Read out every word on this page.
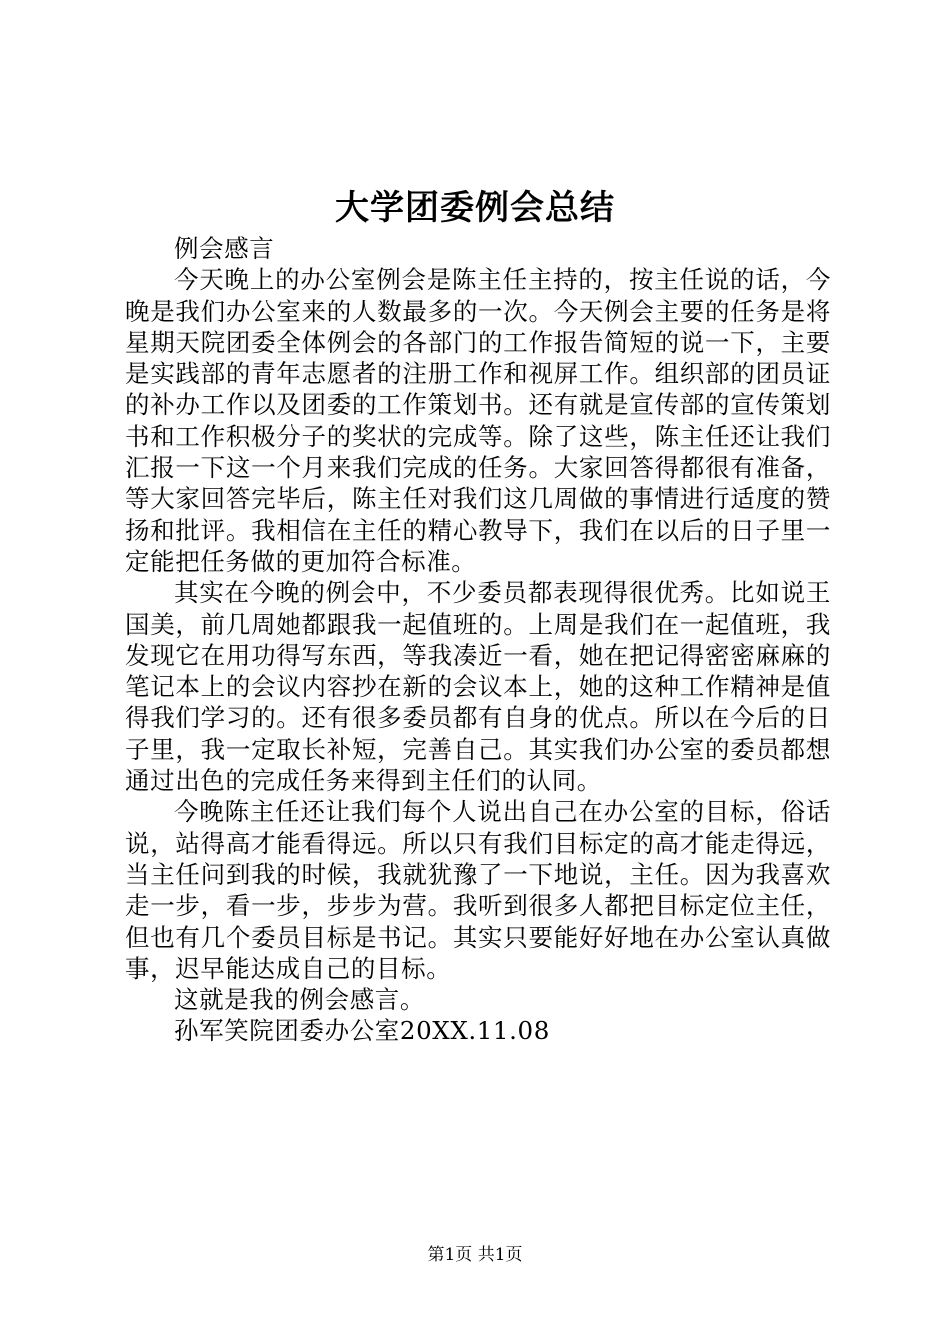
大学团委例会总结

例会感言

今天晚上的办公室例会是陈主任主持的，按主任说的话，今晚是我们办公室来的人数最多的一次。今天例会主要的任务是将星期天院团委全体例会的各部门的工作报告简短的说一下，主要是实践部的青年志愿者的注册工作和视屏工作。组织部的团员证的补办工作以及团委的工作策划书。还有就是宣传部的宣传策划书和工作积极分子的奖状的完成等。除了这些，陈主任还让我们汇报一下这一个月来我们完成的任务。大家回答得都很有准备，等大家回答完毕后，陈主任对我们这几周做的事情进行适度的赞扬和批评。我相信在主任的精心教导下，我们在以后的日子里一定能把任务做的更加符合标准。

其实在今晚的例会中，不少委员都表现得很优秀。比如说王国美，前几周她都跟我一起值班的。上周是我们在一起值班，我发现它在用功得写东西，等我凑近一看，她在把记得密密麻麻的笔记本上的会议内容抄在新的会议本上，她的这种工作精神是值得我们学习的。还有很多委员都有自身的优点。所以在今后的日子里，我一定取长补短，完善自己。其实我们办公室的委员都想通过出色的完成任务来得到主任们的认同。

今晚陈主任还让我们每个人说出自己在办公室的目标，俗话说，站得高才能看得远。所以只有我们目标定的高才能走得远，当主任问到我的时候，我就犹豫了一下地说，主任。因为我喜欢走一步，看一步，步步为营。我听到很多人都把目标定位主任，但也有几个委员目标是书记。其实只要能好好地在办公室认真做事，迟早能达成自己的目标。

这就是我的例会感言。

孙军笑院团委办公室20XX.11.08

第1页 共1页
